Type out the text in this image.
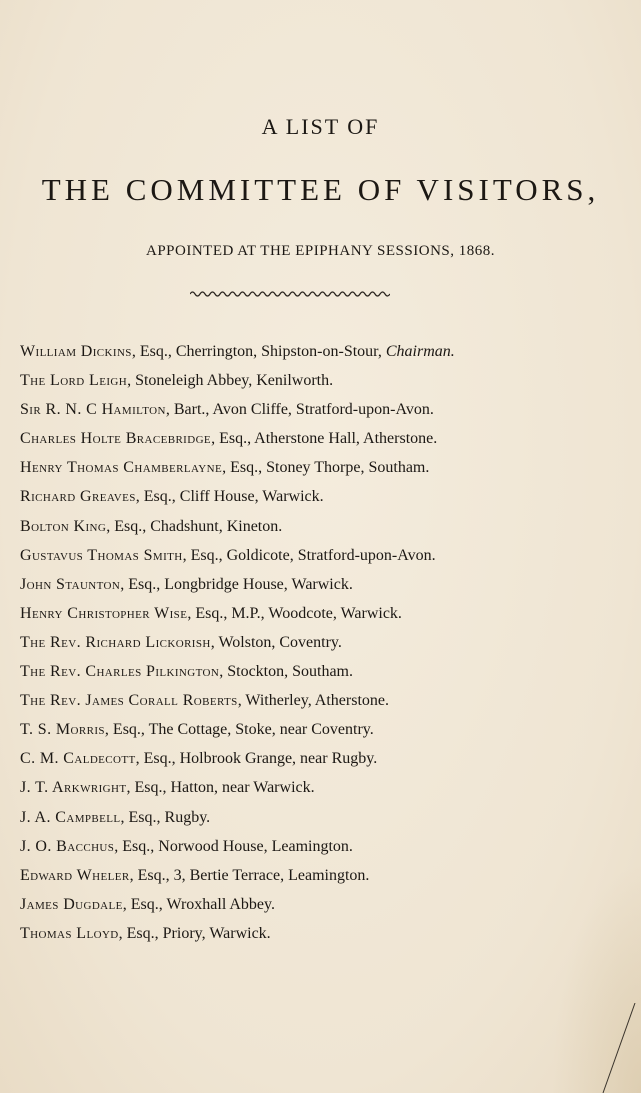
A LIST OF
THE COMMITTEE OF VISITORS,
APPOINTED AT THE EPIPHANY SESSIONS, 1868.
William Dickins, Esq., Cherrington, Shipston-on-Stour, Chairman.
The Lord Leigh, Stoneleigh Abbey, Kenilworth.
Sir R. N. C Hamilton, Bart., Avon Cliffe, Stratford-upon-Avon.
Charles Holte Bracebridge, Esq., Atherstone Hall, Atherstone.
Henry Thomas Chamberlayne, Esq., Stoney Thorpe, Southam.
Richard Greaves, Esq., Cliff House, Warwick.
Bolton King, Esq., Chadshunt, Kineton.
Gustavus Thomas Smith, Esq., Goldicote, Stratford-upon-Avon.
John Staunton, Esq., Longbridge House, Warwick.
Henry Christopher Wise, Esq., M.P., Woodcote, Warwick.
The Rev. Richard Lickorish, Wolston, Coventry.
The Rev. Charles Pilkington, Stockton, Southam.
The Rev. James Corall Roberts, Witherley, Atherstone.
T. S. Morris, Esq., The Cottage, Stoke, near Coventry.
C. M. Caldecott, Esq., Holbrook Grange, near Rugby.
J. T. Arkwright, Esq., Hatton, near Warwick.
J. A. Campbell, Esq., Rugby.
J. O. Bacchus, Esq., Norwood House, Leamington.
Edward Wheler, Esq., 3, Bertie Terrace, Leamington.
James Dugdale, Esq., Wroxhall Abbey.
Thomas Lloyd, Esq., Priory, Warwick.
